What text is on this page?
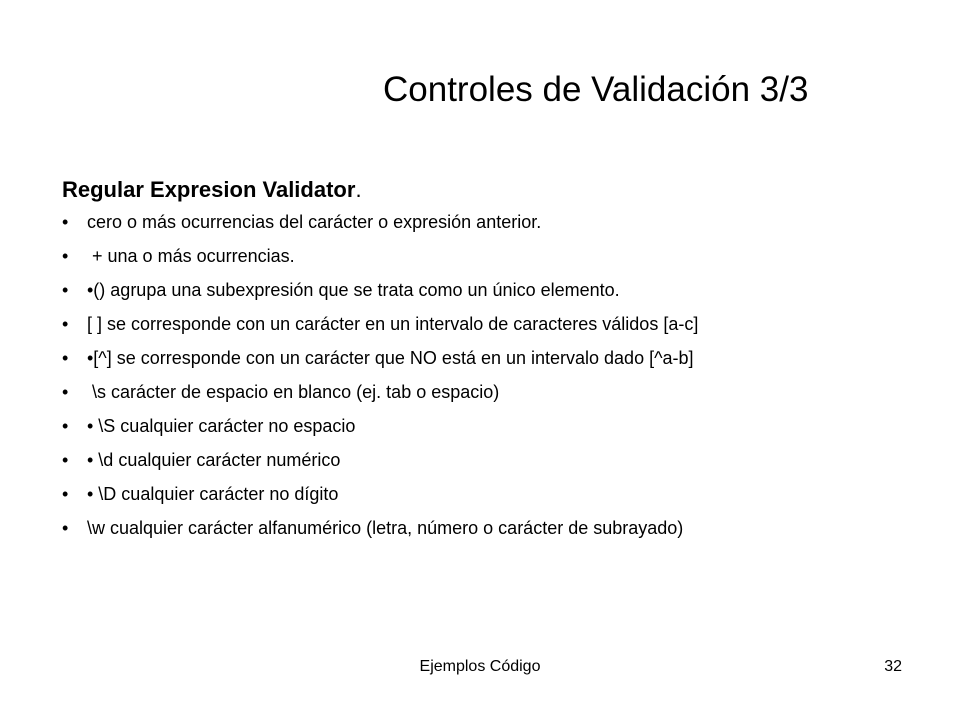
Controles de Validación 3/3
Regular Expresion Validator.
• cero o más ocurrencias del carácter o expresión anterior.
• + una o más ocurrencias.
• •() agrupa una subexpresión que se trata como un único elemento.
• [ ] se corresponde con un carácter en un intervalo de caracteres válidos [a-c]
• •[^] se corresponde con un carácter que NO está en un intervalo dado [^a-b]
• \s carácter de espacio en blanco (ej. tab o espacio)
• • \S cualquier carácter no espacio
• • \d cualquier carácter numérico
• • \D cualquier carácter no dígito
• \w cualquier carácter alfanumérico (letra, número o carácter de subrayado)
Ejemplos Código	32
